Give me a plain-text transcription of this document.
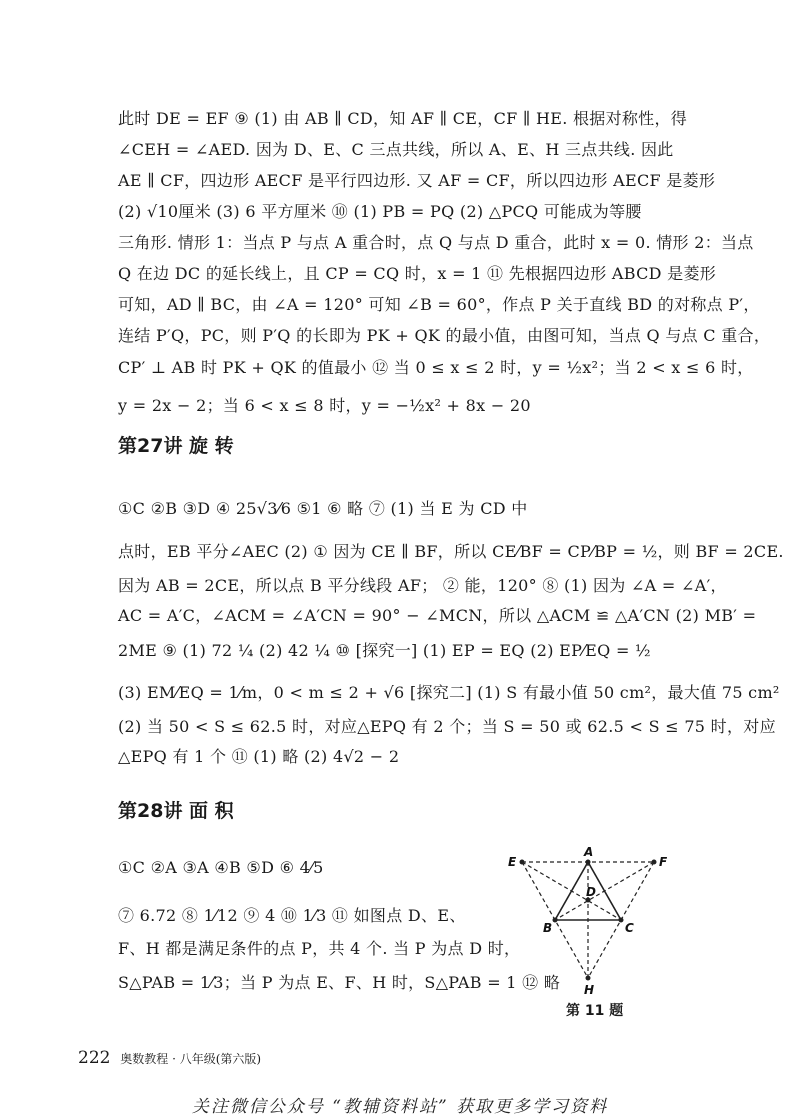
此时 DE = EF ⑨ (1) 由 AB ∥ CD，知 AF ∥ CE，CF ∥ HE. 根据对称性，得
∠CEH = ∠AED. 因为 D、E、C 三点共线，所以 A、E、H 三点共线. 因此
AE ∥ CF，四边形 AECF 是平行四边形. 又 AF = CF，所以四边形 AECF 是菱形
(2) √10厘米 (3) 6 平方厘米 ⑩ (1) PB = PQ (2) △PCQ 可能成为等腰
三角形. 情形 1：当点 P 与点 A 重合时，点 Q 与点 D 重合，此时 x = 0. 情形 2：当点
Q 在边 DC 的延长线上，且 CP = CQ 时，x = 1 ⑪ 先根据四边形 ABCD 是菱形
可知，AD ∥ BC，由 ∠A = 120° 可知 ∠B = 60°，作点 P 关于直线 BD 的对称点 P′，
连结 P′Q，PC，则 P′Q 的长即为 PK + QK 的最小值，由图可知，当点 Q 与点 C 重合，
CP′ ⊥ AB 时 PK + QK 的值最小 ⑫ 当 0 ≤ x ≤ 2 时，y = ½x²；当 2 < x ≤ 6 时，
y = 2x − 2；当 6 < x ≤ 8 时，y = −½x² + 8x − 20
第27讲 旋 转
①C ②B ③D ④ 25√3⁄6 ⑤1 ⑥ 略 ⑦ (1) 当 E 为 CD 中
点时，EB 平分∠AEC (2) ① 因为 CE ∥ BF，所以 CE⁄BF = CP⁄BP = ½，则 BF = 2CE.
因为 AB = 2CE，所以点 B 平分线段 AF； ② 能，120° ⑧ (1) 因为 ∠A = ∠A′，
AC = A′C，∠ACM = ∠A′CN = 90° − ∠MCN，所以 △ACM ≌ △A′CN (2) MB′ =
2ME ⑨ (1) 72 ¼ (2) 42 ¼ ⑩ [探究一] (1) EP = EQ (2) EP⁄EQ = ½
(3) EM⁄EQ = 1⁄m，0 < m ≤ 2 + √6 [探究二] (1) S 有最小值 50 cm²，最大值 75 cm²
(2) 当 50 < S ≤ 62.5 时，对应△EPQ 有 2 个；当 S = 50 或 62.5 < S ≤ 75 时，对应
△EPQ 有 1 个 ⑪ (1) 略 (2) 4√2 − 2
第28讲 面 积
①C ②A ③A ④B ⑤D ⑥ 4⁄5
⑦ 6.72 ⑧ 1⁄12 ⑨ 4 ⑩ 1⁄3 ⑪ 如图点 D、E、
F、H 都是满足条件的点 P，共 4 个. 当 P 为点 D 时，
S△PAB = 1⁄3；当 P 为点 E、F、H 时，S△PAB = 1 ⑫ 略
E	F
A
B	C
D
H
第 11 题
222 奥数教程 · 八年级(第六版)
关注微信公众号 “教辅资料站” 获取更多学习资料
